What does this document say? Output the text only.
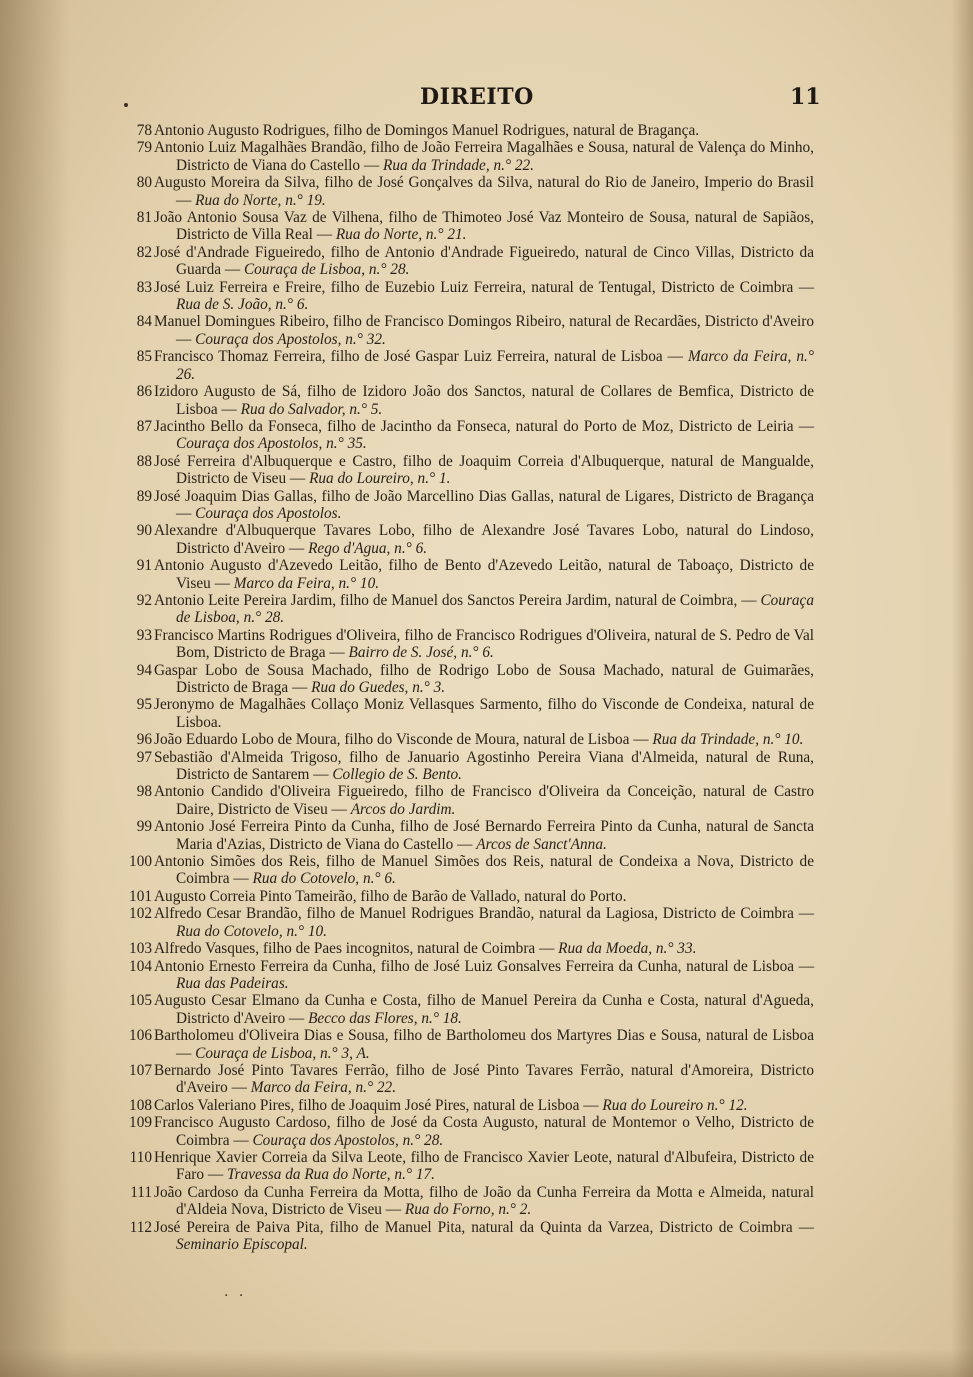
DIREITO	11
78 Antonio Augusto Rodrigues, filho de Domingos Manuel Rodrigues, natural de Bragança.
79 Antonio Luiz Magalhães Brandão, filho de João Ferreira Magalhães e Sousa, natural de Valença do Minho, Districto de Viana do Castello — Rua da Trindade, n.° 22.
80 Augusto Moreira da Silva, filho de José Gonçalves da Silva, natural do Rio de Janeiro, Imperio do Brasil — Rua do Norte, n.° 19.
81 João Antonio Sousa Vaz de Vilhena, filho de Thimoteo José Vaz Monteiro de Sousa, natural de Sapiãos, Districto de Villa Real — Rua do Norte, n.° 21.
82 José d'Andrade Figueiredo, filho de Antonio d'Andrade Figueiredo, natural de Cinco Villas, Districto da Guarda — Couraça de Lisboa, n.° 28.
83 José Luiz Ferreira e Freire, filho de Euzebio Luiz Ferreira, natural de Tentugal, Districto de Coimbra — Rua de S. João, n.° 6.
84 Manuel Domingues Ribeiro, filho de Francisco Domingos Ribeiro, natural de Recardães, Districto d'Aveiro — Couraça dos Apostolos, n.° 32.
85 Francisco Thomaz Ferreira, filho de José Gaspar Luiz Ferreira, natural de Lisboa — Marco da Feira, n.° 26.
86 Izidoro Augusto de Sá, filho de Izidoro João dos Sanctos, natural de Collares de Bemfica, Districto de Lisboa — Rua do Salvador, n.° 5.
87 Jacintho Bello da Fonseca, filho de Jacintho da Fonseca, natural do Porto de Moz, Districto de Leiria — Couraça dos Apostolos, n.° 35.
88 José Ferreira d'Albuquerque e Castro, filho de Joaquim Correia d'Albuquerque, natural de Mangualde, Districto de Viseu — Rua do Loureiro, n.° 1.
89 José Joaquim Dias Gallas, filho de João Marcellino Dias Gallas, natural de Ligares, Districto de Bragança — Couraça dos Apostolos.
90 Alexandre d'Albuquerque Tavares Lobo, filho de Alexandre José Tavares Lobo, natural do Lindoso, Districto d'Aveiro — Rego d'Agua, n.° 6.
91 Antonio Augusto d'Azevedo Leitão, filho de Bento d'Azevedo Leitão, natural de Taboaço, Districto de Viseu — Marco da Feira, n.° 10.
92 Antonio Leite Pereira Jardim, filho de Manuel dos Sanctos Pereira Jardim, natural de Coimbra, — Couraça de Lisboa, n.° 28.
93 Francisco Martins Rodrigues d'Oliveira, filho de Francisco Rodrigues d'Oliveira, natural de S. Pedro de Val Bom, Districto de Braga — Bairro de S. José, n.° 6.
94 Gaspar Lobo de Sousa Machado, filho de Rodrigo Lobo de Sousa Machado, natural de Guimarães, Districto de Braga — Rua do Guedes, n.° 3.
95 Jeronymo de Magalhães Collaço Moniz Vellasques Sarmento, filho do Visconde de Condeixa, natural de Lisboa.
96 João Eduardo Lobo de Moura, filho do Visconde de Moura, natural de Lisboa — Rua da Trindade, n.° 10.
97 Sebastião d'Almeida Trigoso, filho de Januario Agostinho Pereira Viana d'Almeida, natural de Runa, Districto de Santarem — Collegio de S. Bento.
98 Antonio Candido d'Oliveira Figueiredo, filho de Francisco d'Oliveira da Conceição, natural de Castro Daire, Districto de Viseu — Arcos do Jardim.
99 Antonio José Ferreira Pinto da Cunha, filho de José Bernardo Ferreira Pinto da Cunha, natural de Sancta Maria d'Azias, Districto de Viana do Castello — Arcos de Sanct'Anna.
100 Antonio Simões dos Reis, filho de Manuel Simões dos Reis, natural de Condeixa a Nova, Districto de Coimbra — Rua do Cotovelo, n.° 6.
101 Augusto Correia Pinto Tameirão, filho de Barão de Vallado, natural do Porto.
102 Alfredo Cesar Brandão, filho de Manuel Rodrigues Brandão, natural da Lagiosa, Districto de Coimbra — Rua do Cotovelo, n.° 10.
103 Alfredo Vasques, filho de Paes incognitos, natural de Coimbra — Rua da Moeda, n.° 33.
104 Antonio Ernesto Ferreira da Cunha, filho de José Luiz Gonsalves Ferreira da Cunha, natural de Lisboa — Rua das Padeiras.
105 Augusto Cesar Elmano da Cunha e Costa, filho de Manuel Pereira da Cunha e Costa, natural d'Agueda, Districto d'Aveiro — Becco das Flores, n.° 18.
106 Bartholomeu d'Oliveira Dias e Sousa, filho de Bartholomeu dos Martyres Dias e Sousa, natural de Lisboa — Couraça de Lisboa, n.° 3, A.
107 Bernardo José Pinto Tavares Ferrão, filho de José Pinto Tavares Ferrão, natural d'Amoreira, Districto d'Aveiro — Marco da Feira, n.° 22.
108 Carlos Valeriano Pires, filho de Joaquim José Pires, natural de Lisboa — Rua do Loureiro n.° 12.
109 Francisco Augusto Cardoso, filho de José da Costa Augusto, natural de Montemor o Velho, Districto de Coimbra — Couraça dos Apostolos, n.° 28.
110 Henrique Xavier Correia da Silva Leote, filho de Francisco Xavier Leote, natural d'Albufeira, Districto de Faro — Travessa da Rua do Norte, n.° 17.
111 João Cardoso da Cunha Ferreira da Motta, filho de João da Cunha Ferreira da Motta e Almeida, natural d'Aldeia Nova, Districto de Viseu — Rua do Forno, n.° 2.
112 José Pereira de Paiva Pita, filho de Manuel Pita, natural da Quinta da Varzea, Districto de Coimbra — Seminario Episcopal.
. .
